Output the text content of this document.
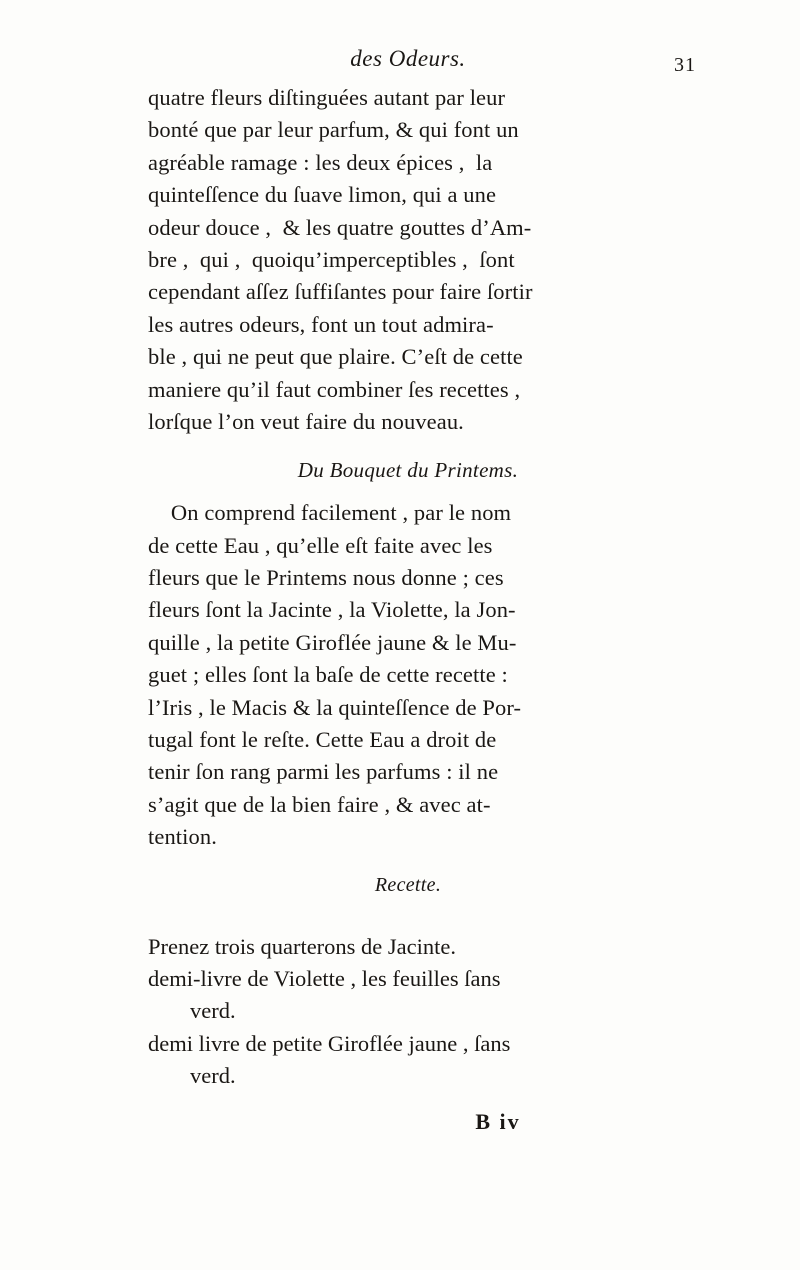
des Odeurs.	31
quatre fleurs diſtinguées autant par leur
bonté que par leur parfum, & qui font un
agréable ramage : les deux épices ,  la
quinteſſence du ſuave limon, qui a une
odeur douce ,  & les quatre gouttes d’Am-
bre ,  qui ,  quoiqu’imperceptibles ,  ſont
cependant aſſez ſuffiſantes pour faire ſortir
les autres odeurs, font un tout admira-
ble , qui ne peut que plaire. C’eſt de cette
maniere qu’il faut combiner ſes recettes ,
lorſque l’on veut faire du nouveau.
Du Bouquet du Printems.
On comprend facilement , par le nom
de cette Eau , qu’elle eſt faite avec les
fleurs que le Printems nous donne ; ces
fleurs ſont la Jacinte , la Violette, la Jon-
quille , la petite Giroflée jaune & le Mu-
guet ; elles ſont la baſe de cette recette :
l’Iris , le Macis & la quinteſſence de Por-
tugal font le reſte. Cette Eau a droit de
tenir ſon rang parmi les parfums : il ne
s’agit que de la bien faire , & avec at-
tention.
Recette.
Prenez trois quarterons de Jacinte.
demi-livre de Violette , les feuilles ſans
verd.
demi livre de petite Giroflée jaune , ſans
verd.
B iv
